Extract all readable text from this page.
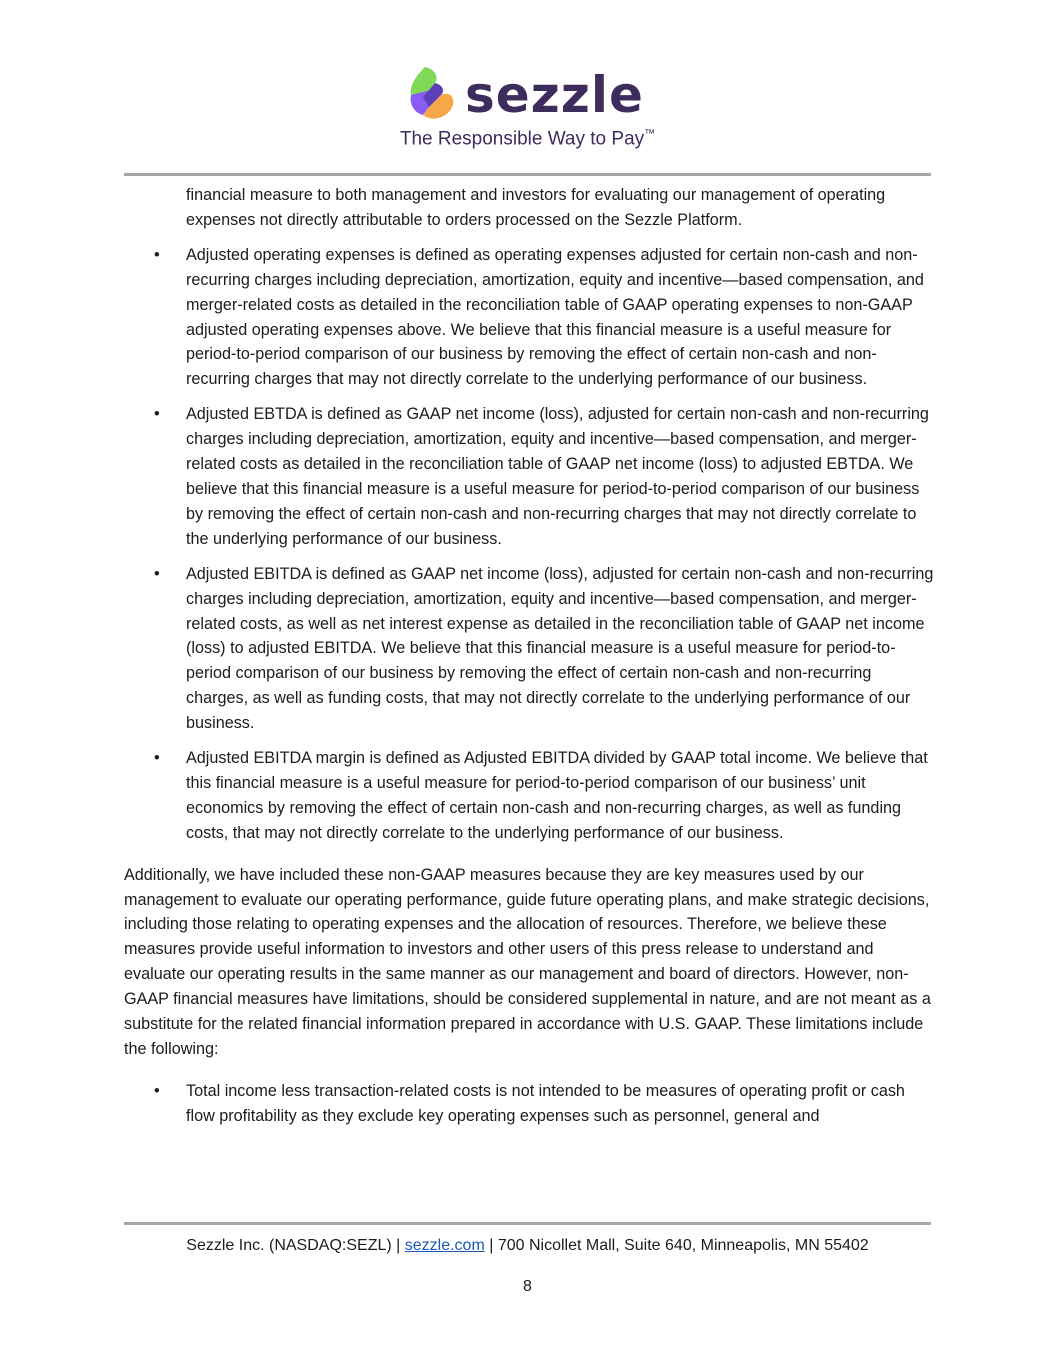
sezzle
The Responsible Way to Pay™

financial measure to both management and investors for evaluating our management of operating expenses not directly attributable to orders processed on the Sezzle Platform.

• Adjusted operating expenses is defined as operating expenses adjusted for certain non-cash and non-recurring charges including depreciation, amortization, equity and incentive—based compensation, and merger-related costs as detailed in the reconciliation table of GAAP operating expenses to non-GAAP adjusted operating expenses above. We believe that this financial measure is a useful measure for period-to-period comparison of our business by removing the effect of certain non-cash and non-recurring charges that may not directly correlate to the underlying performance of our business.
• Adjusted EBTDA is defined as GAAP net income (loss), adjusted for certain non-cash and non-recurring charges including depreciation, amortization, equity and incentive—based compensation, and merger-related costs as detailed in the reconciliation table of GAAP net income (loss) to adjusted EBTDA. We believe that this financial measure is a useful measure for period-to-period comparison of our business by removing the effect of certain non-cash and non-recurring charges that may not directly correlate to the underlying performance of our business.
• Adjusted EBITDA is defined as GAAP net income (loss), adjusted for certain non-cash and non-recurring charges including depreciation, amortization, equity and incentive—based compensation, and merger-related costs, as well as net interest expense as detailed in the reconciliation table of GAAP net income (loss) to adjusted EBITDA. We believe that this financial measure is a useful measure for period-to-period comparison of our business by removing the effect of certain non-cash and non-recurring charges, as well as funding costs, that may not directly correlate to the underlying performance of our business.
• Adjusted EBITDA margin is defined as Adjusted EBITDA divided by GAAP total income. We believe that this financial measure is a useful measure for period-to-period comparison of our business’ unit economics by removing the effect of certain non-cash and non-recurring charges, as well as funding costs, that may not directly correlate to the underlying performance of our business.

Additionally, we have included these non-GAAP measures because they are key measures used by our management to evaluate our operating performance, guide future operating plans, and make strategic decisions, including those relating to operating expenses and the allocation of resources. Therefore, we believe these measures provide useful information to investors and other users of this press release to understand and evaluate our operating results in the same manner as our management and board of directors. However, non-GAAP financial measures have limitations, should be considered supplemental in nature, and are not meant as a substitute for the related financial information prepared in accordance with U.S. GAAP. These limitations include the following:

• Total income less transaction-related costs is not intended to be measures of operating profit or cash flow profitability as they exclude key operating expenses such as personnel, general and
Sezzle Inc. (NASDAQ:SEZL) | sezzle.com | 700 Nicollet Mall, Suite 640, Minneapolis, MN 55402
8
